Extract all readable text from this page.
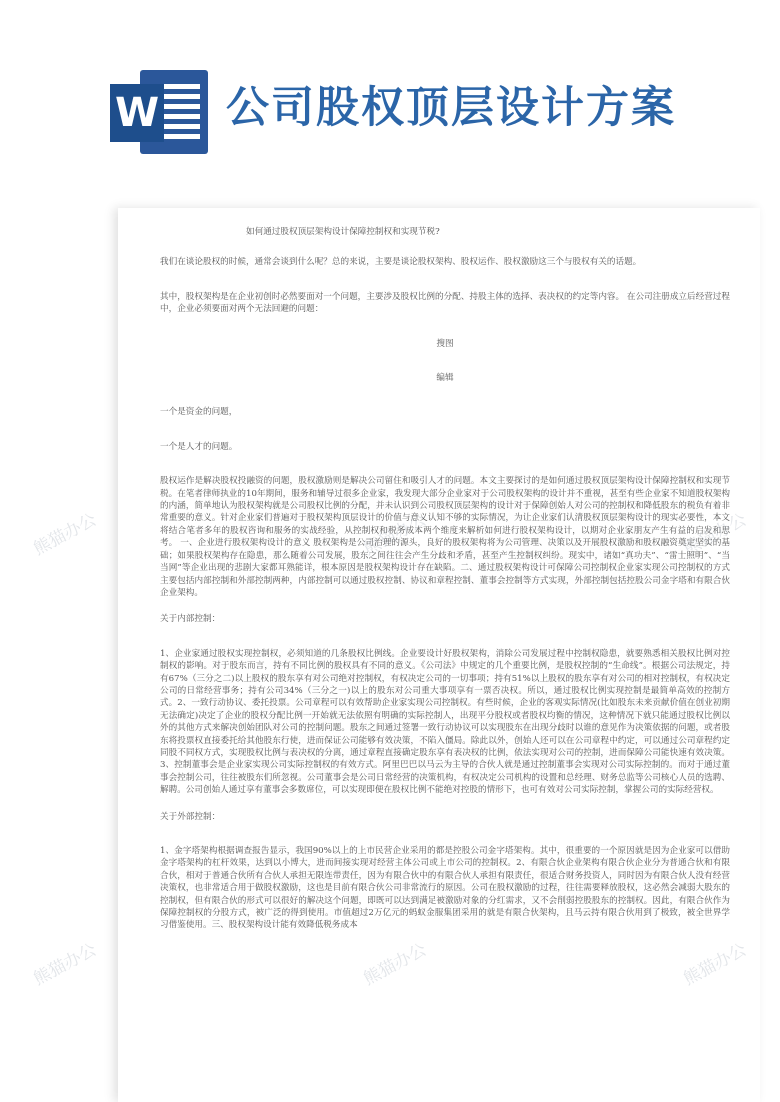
W 公司股权顶层设计方案

如何通过股权顶层架构设计保障控制权和实现节税?

我们在谈论股权的时候，通常会谈到什么呢？总的来说，主要是谈论股权架构、股权运作、股权激励这三个与股权有关的话题。

其中，股权架构是在企业初创时必然要面对一个问题，主要涉及股权比例的分配、持股主体的选择、表决权的约定等内容。 在公司注册成立后经营过程中，企业必须要面对两个无法回避的问题：

搜图

编辑

一个是资金的问题，

一个是人才的问题。

股权运作是解决股权投融资的问题，股权激励则是解决公司留住和吸引人才的问题。本文主要探讨的是如何通过股权顶层架构设计保障控制权和实现节税。在笔者律师执业的10年期间，服务和辅导过很多企业家，我发现大部分企业家对于公司股权架构的设计并不重视，甚至有些企业家不知道股权架构的内涵，简单地认为股权架构就是公司股权比例的分配，并未认识到公司股权顶层架构的设计对于保障创始人对公司的控制权和降低股东的税负有着非常重要的意义。针对企业家们普遍对于股权架构顶层设计的价值与意义认知不够的实际情况，为让企业家们认清股权顶层架构设计的现实必要性，本文将结合笔者多年的股权咨询和服务的实战经验，从控制权和税务成本两个维度来解析如何进行股权架构设计，以期对企业家朋友产生有益的启发和思考。 一、企业进行股权架构设计的意义 股权架构是公司治理的源头，良好的股权架构将为公司管理、决策以及开展股权激励和股权融资奠定坚实的基础；如果股权架构存在隐患，那么随着公司发展，股东之间往往会产生分歧和矛盾，甚至产生控制权纠纷。现实中，诸如“真功夫”、“雷士照明”、“当当网”等企业出现的悲剧大家都耳熟能详，根本原因是股权架构设计存在缺陷。二、通过股权架构设计可保障公司控制权企业家实现公司控制权的方式主要包括内部控制和外部控制两种，内部控制可以通过股权控制、协议和章程控制、董事会控制等方式实现，外部控制包括控股公司金字塔和有限合伙企业架构。

关于内部控制：

1、企业家通过股权实现控制权，必须知道的几条股权比例线。企业要设计好股权架构，消除公司发展过程中控制权隐患，就要熟悉相关股权比例对控制权的影响。对于股东而言，持有不同比例的股权具有不同的意义。《公司法》中规定的几个重要比例，是股权控制的“生命线”。根据公司法规定，持有67%（三分之二)以上股权的股东享有对公司绝对控制权，有权决定公司的一切事项；持有51%以上股权的股东享有对公司的相对控制权，有权决定公司的日常经营事务；持有公司34%（三分之一)以上的股东对公司重大事项享有一票否决权。所以，通过股权比例实现控制是最简单高效的控制方式。2、一致行动协议、委托投票。公司章程可以有效帮助企业家实现公司控制权。有些时候，企业的客观实际情况(比如股东未来贡献价值在创业初期无法确定)决定了企业的股权分配比例一开始就无法依照有明确的实际控制人，出现平分股权或者股权均衡的情况，这种情况下就只能通过股权比例以外的其他方式来解决创始团队对公司的控制问题。股东之间通过签署一致行动协议可以实现股东在出现分歧时以谁的意见作为决策依据的问题，或者股东将投票权直接委托给其他股东行使，进而保证公司能够有效决策，不陷入僵局。除此以外，创始人还可以在公司章程中约定，可以通过公司章程约定同股不同权方式，实现股权比例与表决权的分离，通过章程直接确定股东享有表决权的比例，依法实现对公司的控制，进而保障公司能快速有效决策。3、控制董事会是企业家实现公司实际控制权的有效方式。阿里巴巴以马云为主导的合伙人就是通过控制董事会实现对公司实际控制的。而对于通过董事会控制公司，往往被股东们所忽视。公司董事会是公司日常经营的决策机构，有权决定公司机构的设置和总经理、财务总监等公司核心人员的选聘、解聘。公司创始人通过享有董事会多数席位，可以实现即便在股权比例不能绝对控股的情形下，也可有效对公司实际控制，掌握公司的实际经营权。

关于外部控制：

1、金字塔架构根据调查报告显示，我国90%以上的上市民营企业采用的都是控股公司金字塔架构。其中，很重要的一个原因就是因为企业家可以借助金字塔架构的杠杆效果，达到以小博大，进而间接实现对经营主体公司或上市公司的控制权。2、有限合伙企业架构有限合伙企业分为普通合伙和有限合伙，相对于普通合伙所有合伙人承担无限连带责任，因为有限合伙中的有限合伙人承担有限责任，很适合财务投资人，同时因为有限合伙人没有经营决策权，也非常适合用于做股权激励，这也是目前有限合伙公司非常流行的原因。公司在股权激励的过程，往往需要释放股权，这必然会减弱大股东的控制权，但有限合伙的形式可以很好的解决这个问题，即既可以达到满足被激励对象的分红需求，又不会削弱控股股东的控制权。因此，有限合伙作为保障控制权的分股方式，被广泛的得到使用。市值超过2万亿元的蚂蚁金服集团采用的就是有限合伙架构，且马云持有限合伙用到了极致，被全世界学习借鉴使用。三、股权架构设计能有效降低税务成本

熊猫办公	熊猫办公	熊猫办公
熊猫办公	熊猫办公	熊猫办公
